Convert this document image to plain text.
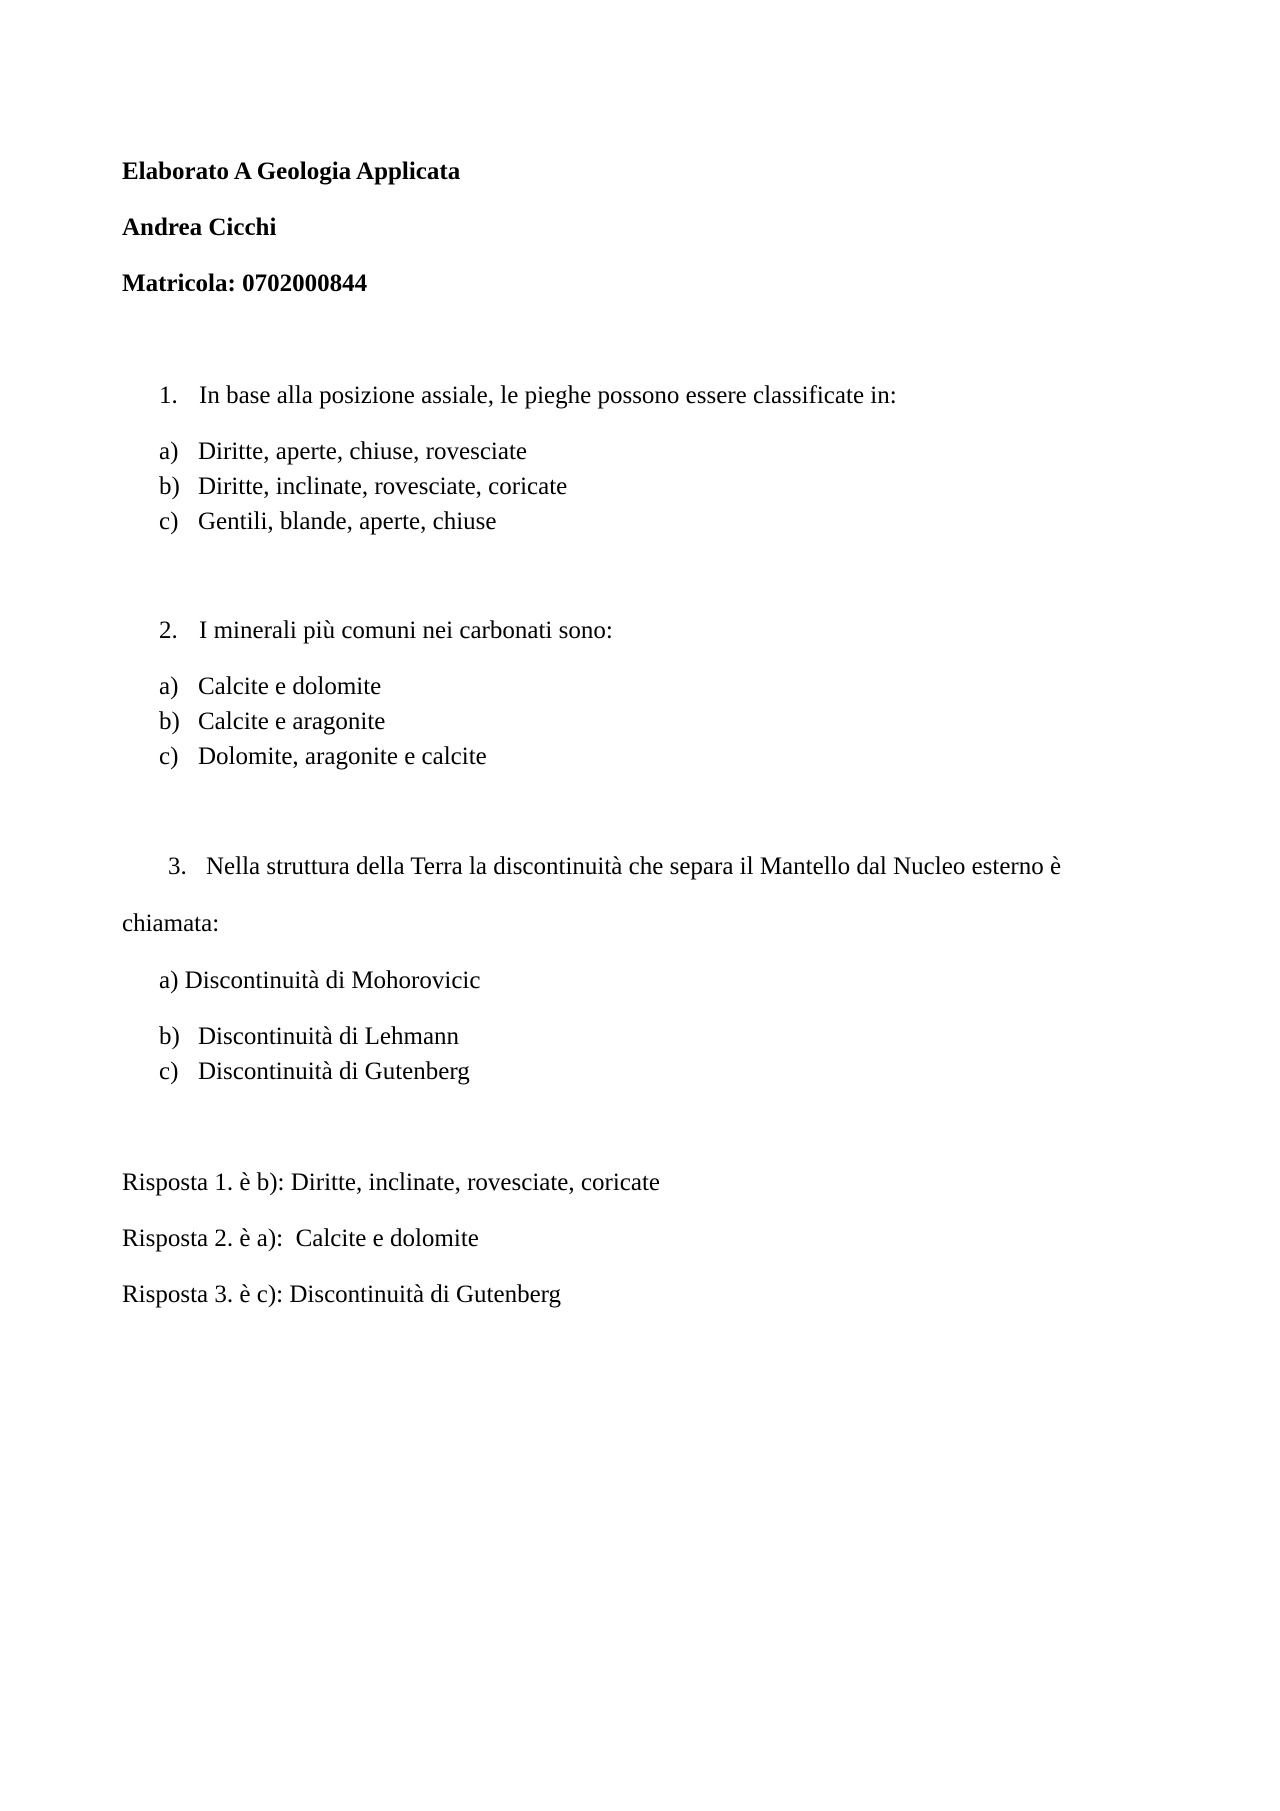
Elaborato A Geologia Applicata
Andrea Cicchi
Matricola: 0702000844
1. In base alla posizione assiale, le pieghe possono essere classificate in:
a) Diritte, aperte, chiuse, rovesciate
b) Diritte, inclinate, rovesciate, coricate
c) Gentili, blande, aperte, chiuse
2. I minerali più comuni nei carbonati sono:
a) Calcite e dolomite
b) Calcite e aragonite
c) Dolomite, aragonite e calcite
3. Nella struttura della Terra la discontinuità che separa il Mantello dal Nucleo esterno è
chiamata:
a) Discontinuità di Mohorovicic
b) Discontinuità di Lehmann
c) Discontinuità di Gutenberg
Risposta 1. è b): Diritte, inclinate, rovesciate, coricate
Risposta 2. è a):  Calcite e dolomite
Risposta 3. è c): Discontinuità di Gutenberg
